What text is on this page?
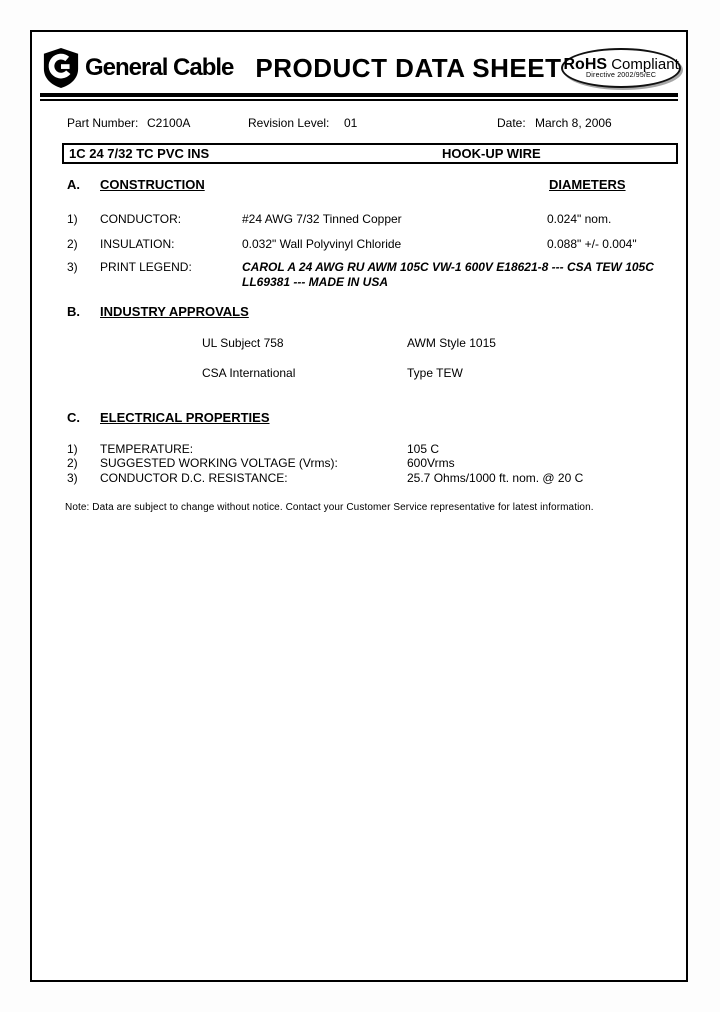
General Cable PRODUCT DATA SHEET RoHS Compliant
Directive 2002/95/EC
Part Number: C2100A	Revision Level: 01	Date: March 8, 2006
1C 24 7/32 TC PVC INS	HOOK-UP WIRE
A. CONSTRUCTION	DIAMETERS
1) CONDUCTOR:	#24 AWG 7/32 Tinned Copper	0.024" nom.
2) INSULATION:	0.032" Wall Polyvinyl Chloride	0.088" +/- 0.004"
3) PRINT LEGEND:	CAROL A 24 AWG RU AWM 105C VW-1 600V E18621-8 --- CSA TEW 105C LL69381 --- MADE IN USA
B. INDUSTRY APPROVALS
UL Subject 758	AWM Style 1015
CSA International	Type TEW
C. ELECTRICAL PROPERTIES
1) TEMPERATURE:	105 C
2) SUGGESTED WORKING VOLTAGE (Vrms):	600Vrms
3) CONDUCTOR D.C. RESISTANCE:	25.7 Ohms/1000 ft. nom. @ 20 C
Note: Data are subject to change without notice. Contact your Customer Service representative for latest information.
